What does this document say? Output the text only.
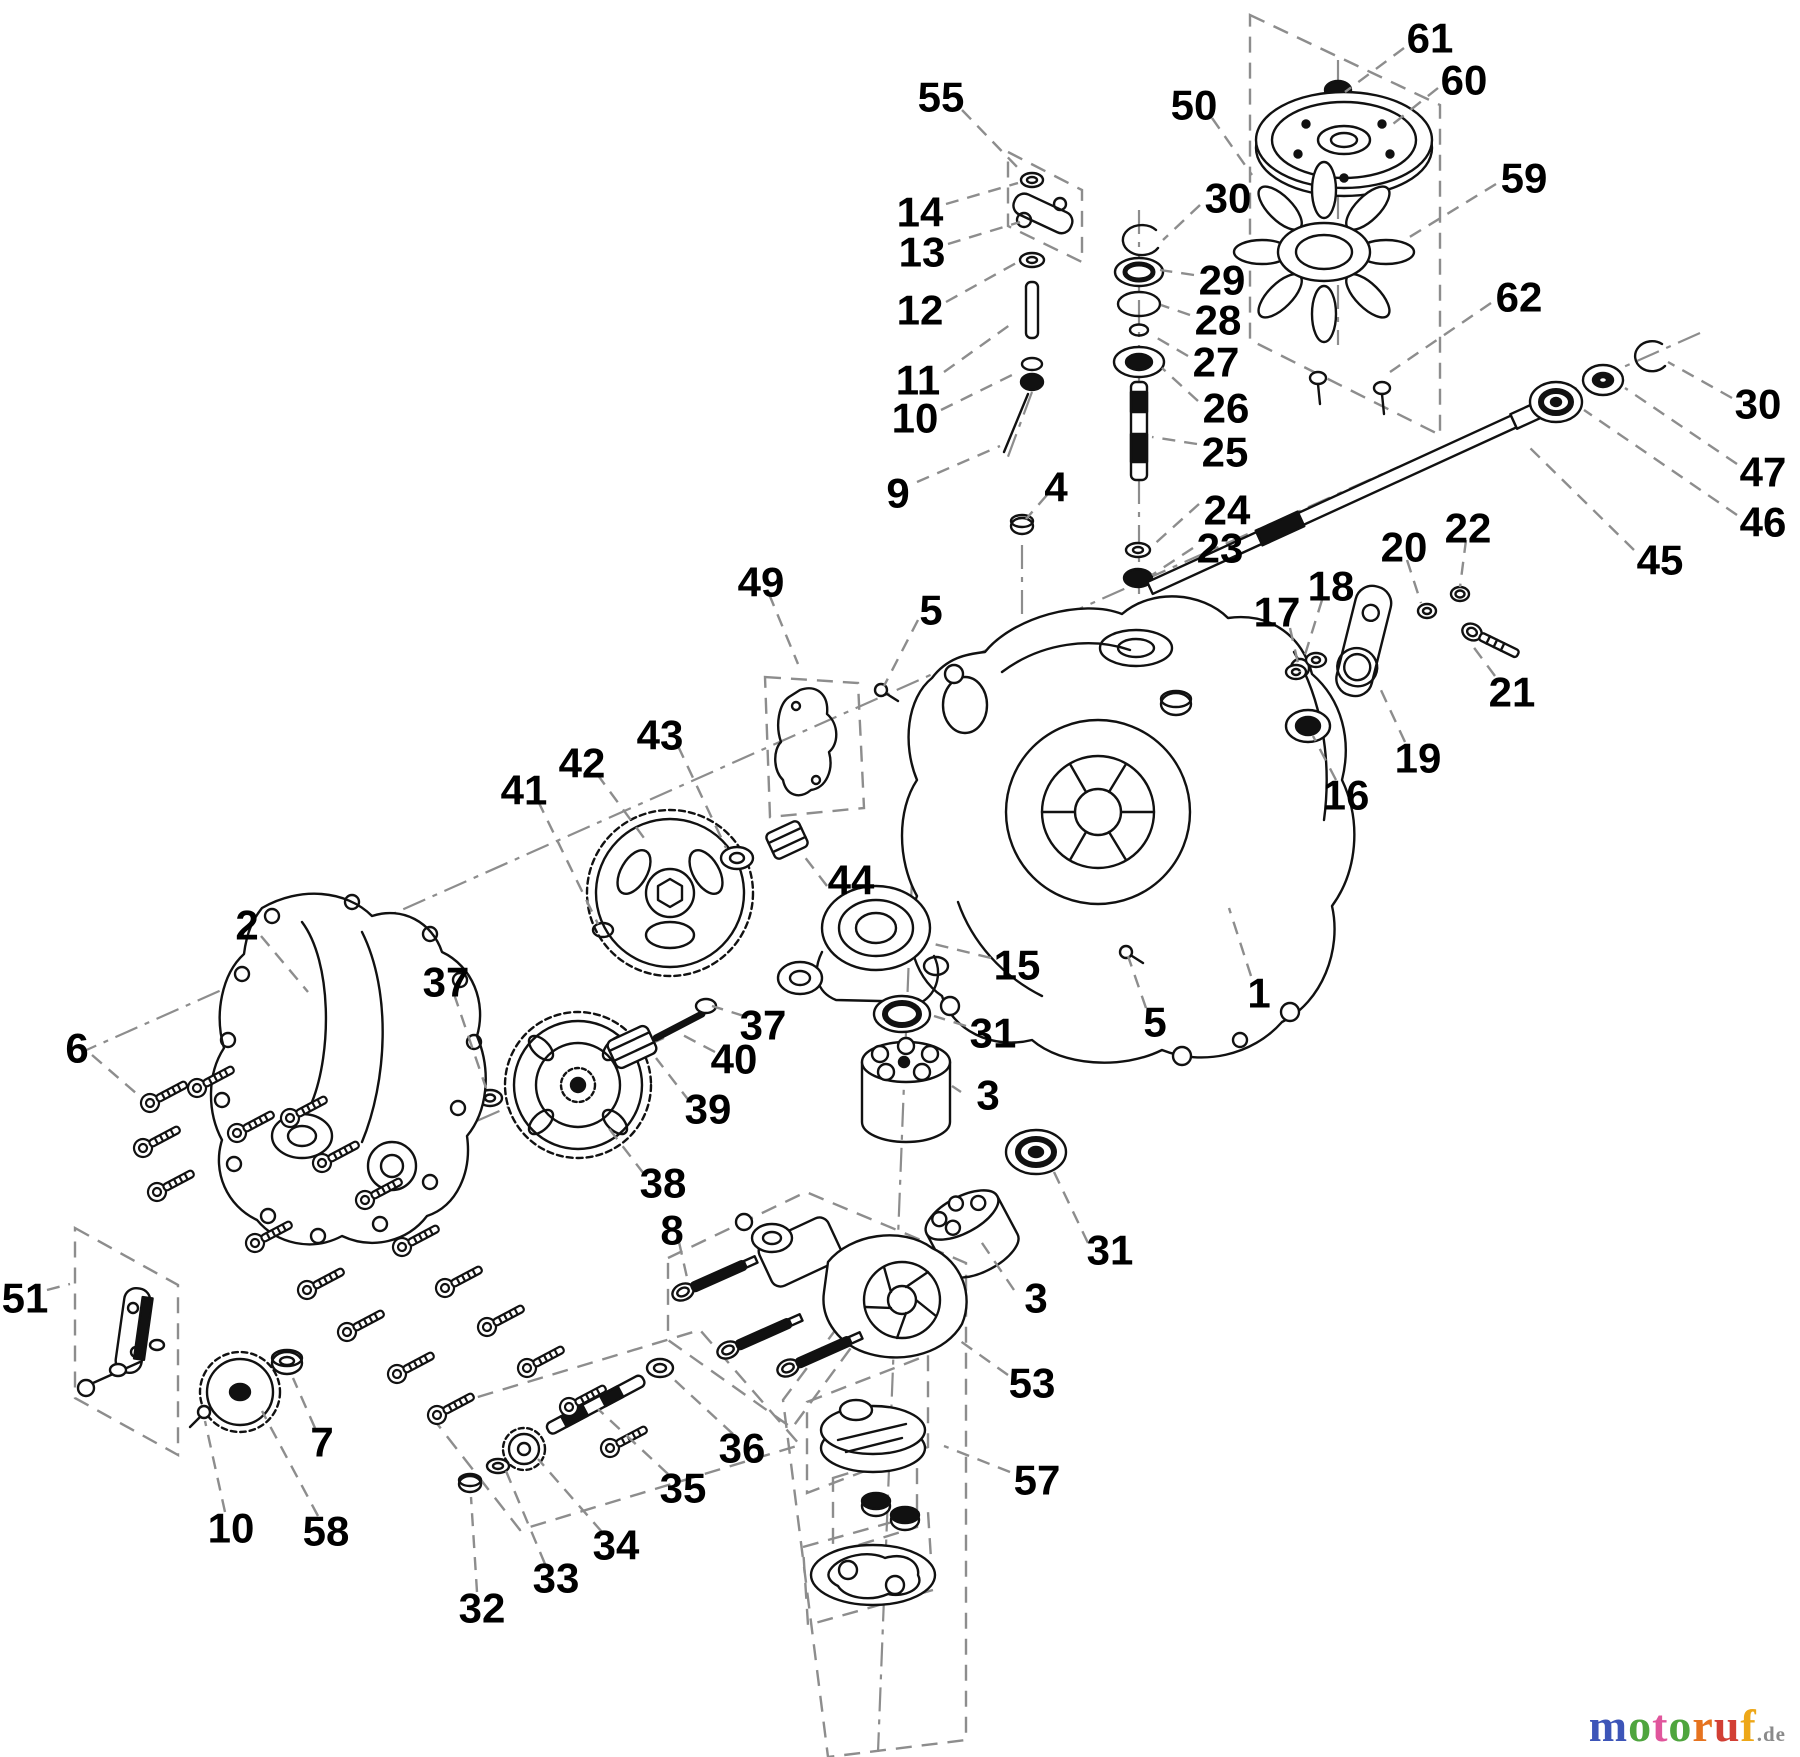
61
60
55	50
59
30
14
13
29
28	62
12
27
11
26
10	30
25	47
9	4	24	46
23	20 22
45
18
17
49
5
21
19
16
43
42
41
2
44
37	15
1
5
6	37	31
40
3
39
38
51
8	31
3
53
7	36
35	57
10 58	34
33
32
motoruf.de
